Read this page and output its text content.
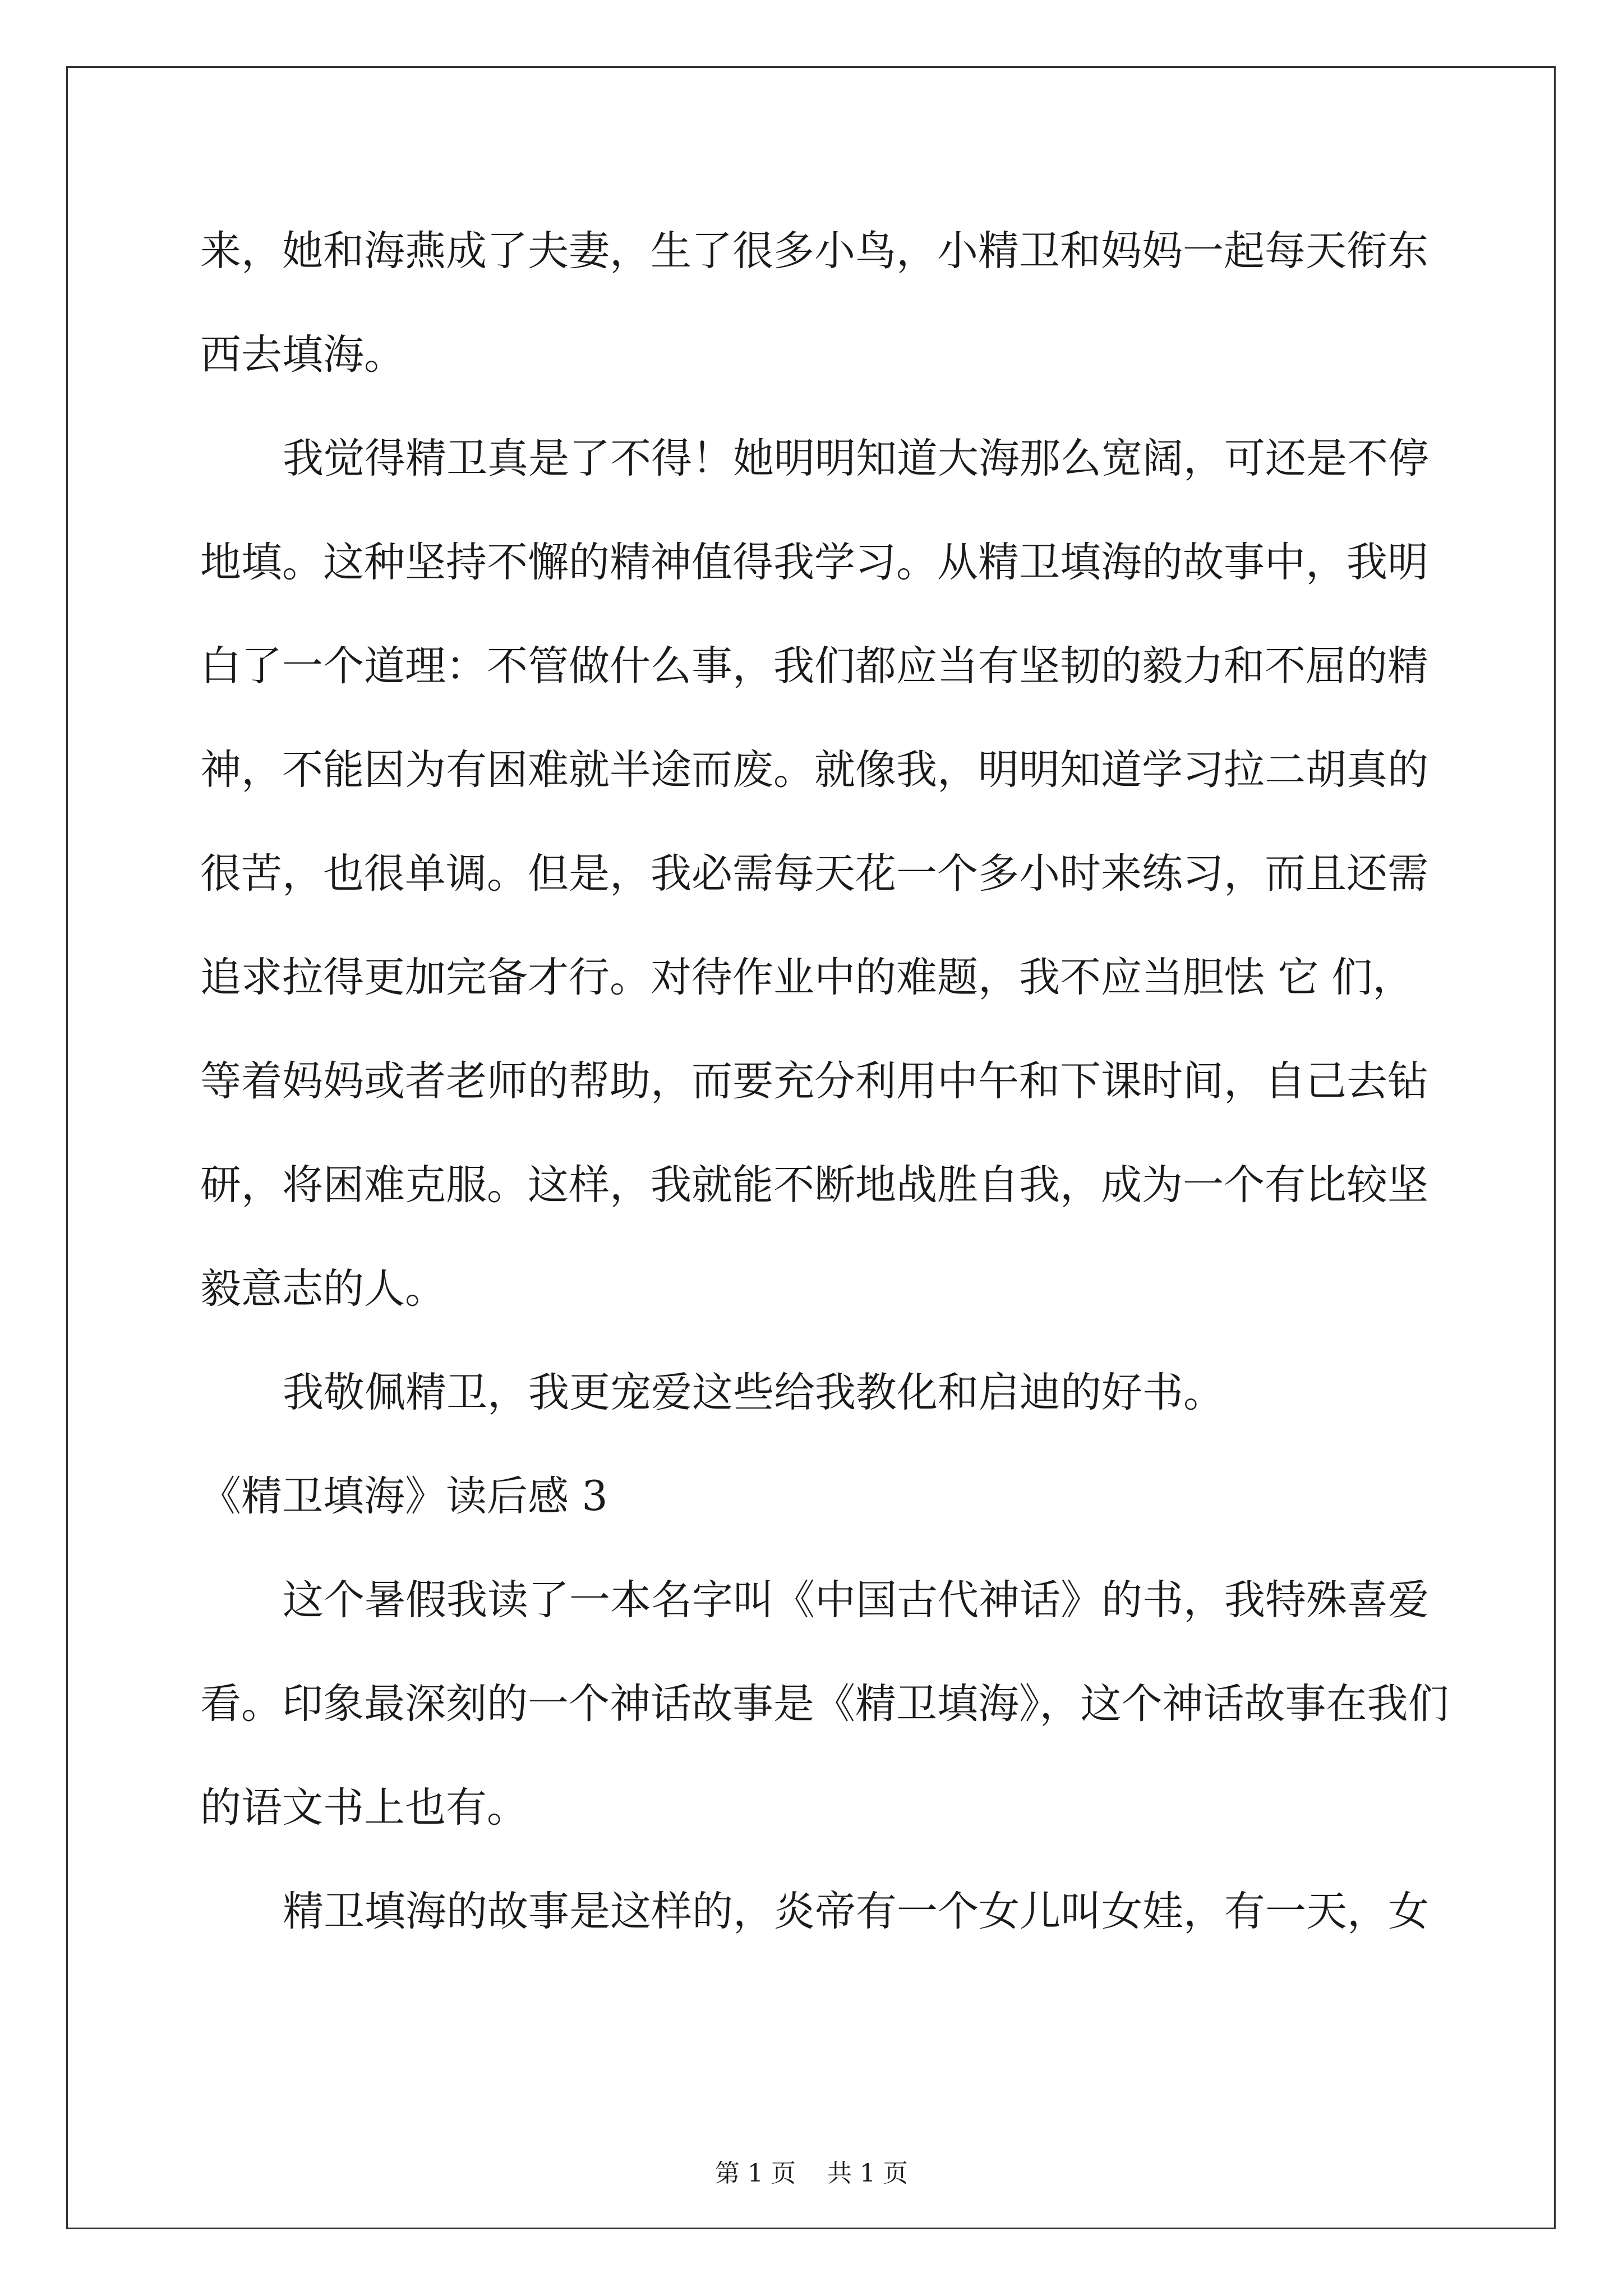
来，她和海燕成了夫妻，生了很多小鸟，小精卫和妈妈一起每天衔东
西去填海。
我觉得精卫真是了不得！她明明知道大海那么宽阔，可还是不停
地填。这种坚持不懈的精神值得我学习。从精卫填海的故事中，我明
白了一个道理：不管做什么事，我们都应当有坚韧的毅力和不屈的精
神，不能因为有困难就半途而废。就像我，明明知道学习拉二胡真的
很苦，也很单调。但是，我必需每天花一个多小时来练习，而且还需
追求拉得更加完备才行。对待作业中的难题，我不应当胆怯 它 们，
等着妈妈或者老师的帮助，而要充分利用中午和下课时间，自己去钻
研，将困难克服。这样，我就能不断地战胜自我，成为一个有比较坚
毅意志的人。
我敬佩精卫，我更宠爱这些给我教化和启迪的好书。
《精卫填海》读后感 3
这个暑假我读了一本名字叫《中国古代神话》的书，我特殊喜爱
看。印象最深刻的一个神话故事是《精卫填海》，这个神话故事在我们
的语文书上也有。
精卫填海的故事是这样的，炎帝有一个女儿叫女娃，有一天，女
第 1 页    共 1 页
